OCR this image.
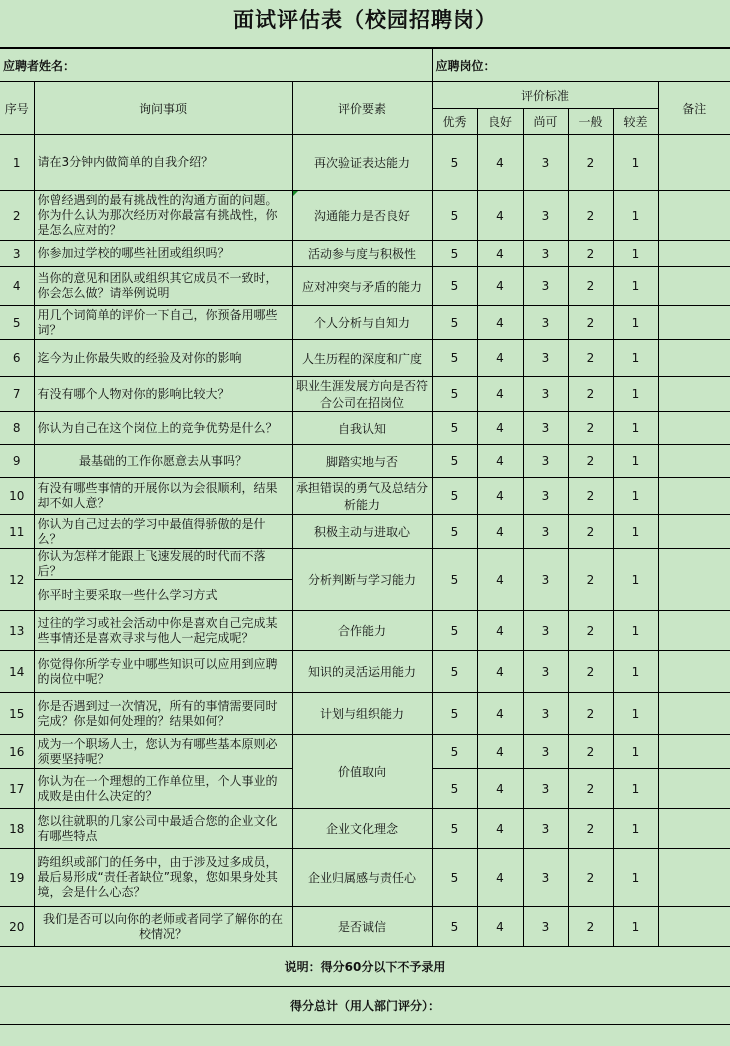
面试评估表（校园招聘岗）
应聘者姓名：			应聘岗位：					
序号	询问事项	评价要素	评价标准					备注
			优秀	良好	尚可	一般	较差	
1	请在3分钟内做简单的自我介绍？	再次验证表达能力	5	4	3	2	1	
2	你曾经遇到的最有挑战性的沟通方面的问题。你为什么认为那次经历对你最富有挑战性，你是怎么应对的？	沟通能力是否良好	5	4	3	2	1	
3	你参加过学校的哪些社团或组织吗？	活动参与度与积极性	5	4	3	2	1	
4	当你的意见和团队或组织其它成员不一致时，你会怎么做？请举例说明	应对冲突与矛盾的能力	5	4	3	2	1	
5	用几个词简单的评价一下自己，你预备用哪些词？	个人分析与自知力	5	4	3	2	1	
6	迄今为止你最失败的经验及对你的影响	人生历程的深度和广度	5	4	3	2	1	
7	有没有哪个人物对你的影响比较大？	职业生涯发展方向是否符合公司在招岗位	5	4	3	2	1	
8	你认为自己在这个岗位上的竞争优势是什么？	自我认知	5	4	3	2	1	
9	最基础的工作你愿意去从事吗？	脚踏实地与否	5	4	3	2	1	
10	有没有哪些事情的开展你以为会很顺利，结果却不如人意？	承担错误的勇气及总结分析能力	5	4	3	2	1	
11	你认为自己过去的学习中最值得骄傲的是什么？	积极主动与进取心	5	4	3	2	1	
12	你认为怎样才能跟上飞速发展的时代而不落后？	分析判断与学习能力	5	4	3	2	1	
	你平时主要采取一些什么学习方式							
13	过往的学习或社会活动中你是喜欢自己完成某些事情还是喜欢寻求与他人一起完成呢？	合作能力	5	4	3	2	1	
14	你觉得你所学专业中哪些知识可以应用到应聘的岗位中呢？	知识的灵活运用能力	5	4	3	2	1	
15	你是否遇到过一次情况，所有的事情需要同时完成？你是如何处理的？结果如何？	计划与组织能力	5	4	3	2	1	
16	成为一个职场人士，您认为有哪些基本原则必须要坚持呢？	价值取向	5	4	3	2	1	
17	你认为在一个理想的工作单位里，个人事业的成败是由什么决定的？		5	4	3	2	1	
18	您以往就职的几家公司中最适合您的企业文化有哪些特点	企业文化理念	5	4	3	2	1	
19	跨组织或部门的任务中，由于涉及过多成员，最后易形成“责任者缺位”现象，您如果身处其境，会是什么心态？	企业归属感与责任心	5	4	3	2	1	
20	我们是否可以向你的老师或者同学了解你的在校情况？	是否诚信	5	4	3	2	1	
说明：得分60分以下不予录用								
得分总计（用人部门评分）：								
